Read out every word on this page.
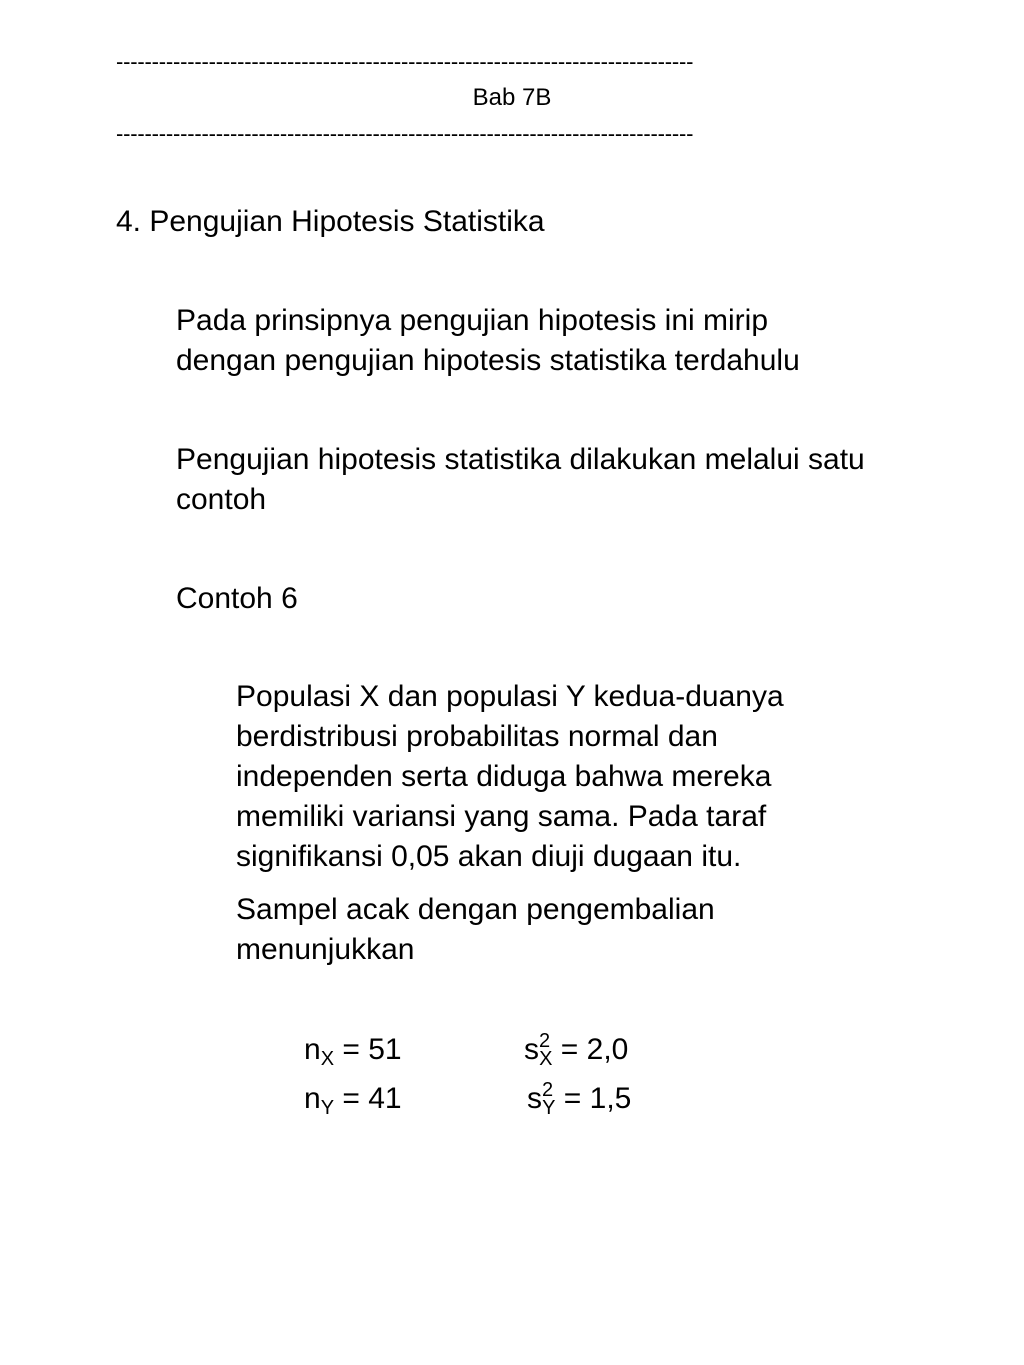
---------------------------------------------------------------------------------
Bab 7B
---------------------------------------------------------------------------------
4. Pengujian Hipotesis Statistika
Pada prinsipnya pengujian hipotesis ini mirip
dengan pengujian hipotesis statistika terdahulu
Pengujian hipotesis statistika dilakukan melalui satu
contoh
Contoh 6
Populasi X dan populasi Y kedua-duanya
berdistribusi probabilitas normal dan
independen serta diduga bahwa mereka
memiliki variansi yang sama. Pada taraf
signifikansi 0,05 akan diuji dugaan itu.
Sampel acak dengan pengembalian
menunjukkan
$n_X = 51$	$s^2_X = 2,0$
$n_Y = 41$	$s^2_Y = 1,5$
